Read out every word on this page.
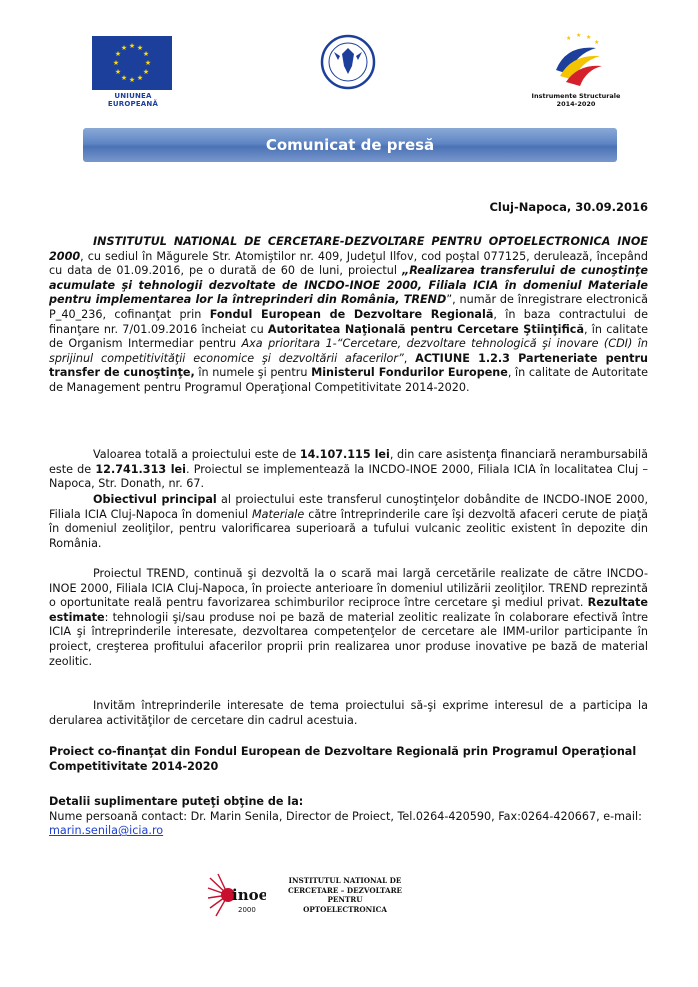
★ ★
★
★
★
★
★
★
★
★
★
★
UNIUNEA EUROPEANĂ
★ ★ ★
★
Instrumente Structurale
2014-2020
Comunicat de presă
Cluj-Napoca, 30.09.2016
INSTITUTUL NATIONAL DE CERCETARE-DEZVOLTARE PENTRU OPTOELECTRONICA INOE 2000, cu sediul în Măgurele Str. Atomiştilor nr. 409, Judeţul Ilfov, cod poştal 077125, derulează, începând cu data de 01.09.2016, pe o durată de 60 de luni, proiectul „Realizarea transferului de cunoştinţe acumulate şi tehnologii dezvoltate de INCDO-INOE 2000, Filiala ICIA în domeniul Materiale pentru implementarea lor la întreprinderi din România, TREND”, număr de înregistrare electronică P_40_236, cofinanţat prin Fondul European de Dezvoltare Regională, în baza contractului de finanţare nr. 7/01.09.2016 încheiat cu Autoritatea Naţională pentru Cercetare Ştiinţifică, în calitate de Organism Intermediar pentru Axa prioritara 1-“Cercetare, dezvoltare tehnologică şi inovare (CDI) în sprijinul competitivităţii economice şi dezvoltării afacerilor”, ACTIUNE 1.2.3 Parteneriate pentru transfer de cunoştinţe, în numele şi pentru Ministerul Fondurilor Europene, în calitate de Autoritate de Management pentru Programul Operaţional Competitivitate 2014-2020.
Valoarea totală a proiectului este de 14.107.115 lei, din care asistenţa financiară nerambursabilă este de 12.741.313 lei. Proiectul se implementează la INCDO-INOE 2000, Filiala ICIA în localitatea Cluj – Napoca, Str. Donath, nr. 67.
Obiectivul principal al proiectului este transferul cunoştinţelor dobândite de INCDO-INOE 2000, Filiala ICIA Cluj-Napoca în domeniul Materiale către întreprinderile care îşi dezvoltă afaceri cerute de piaţă în domeniul zeoliţilor, pentru valorificarea superioară a tufului vulcanic zeolitic existent în depozite din România.
Proiectul TREND, continuă şi dezvoltă la o scară mai largă cercetările realizate de către INCDO-INOE 2000, Filiala ICIA Cluj-Napoca, în proiecte anterioare în domeniul utilizării zeoliţilor. TREND reprezintă o oportunitate reală pentru favorizarea schimburilor reciproce între cercetare şi mediul privat. Rezultate estimate: tehnologii şi/sau produse noi pe bază de material zeolitic realizate în colaborare efectivă între ICIA şi întreprinderile interesate, dezvoltarea competenţelor de cercetare ale IMM-urilor participante în proiect, creşterea profitului afacerilor proprii prin realizarea unor produse inovative pe bază de material zeolitic.
Invităm întreprinderile interesate de tema proiectului să-şi exprime interesul de a participa la derularea activităţilor de cercetare din cadrul acestuia.
Proiect co-finanţat din Fondul European de Dezvoltare Regională prin Programul Operaţional Competitivitate 2014-2020
Detalii suplimentare puteţi obţine de la:
Nume persoană contact: Dr. Marin Senila, Director de Proiect, Tel.0264-420590, Fax:0264-420667, e-mail: marin.senila@icia.ro
inoe
2000
INSTITUTUL NATIONAL DE
CERCETARE – DEZVOLTARE PENTRU
OPTOELECTRONICA
